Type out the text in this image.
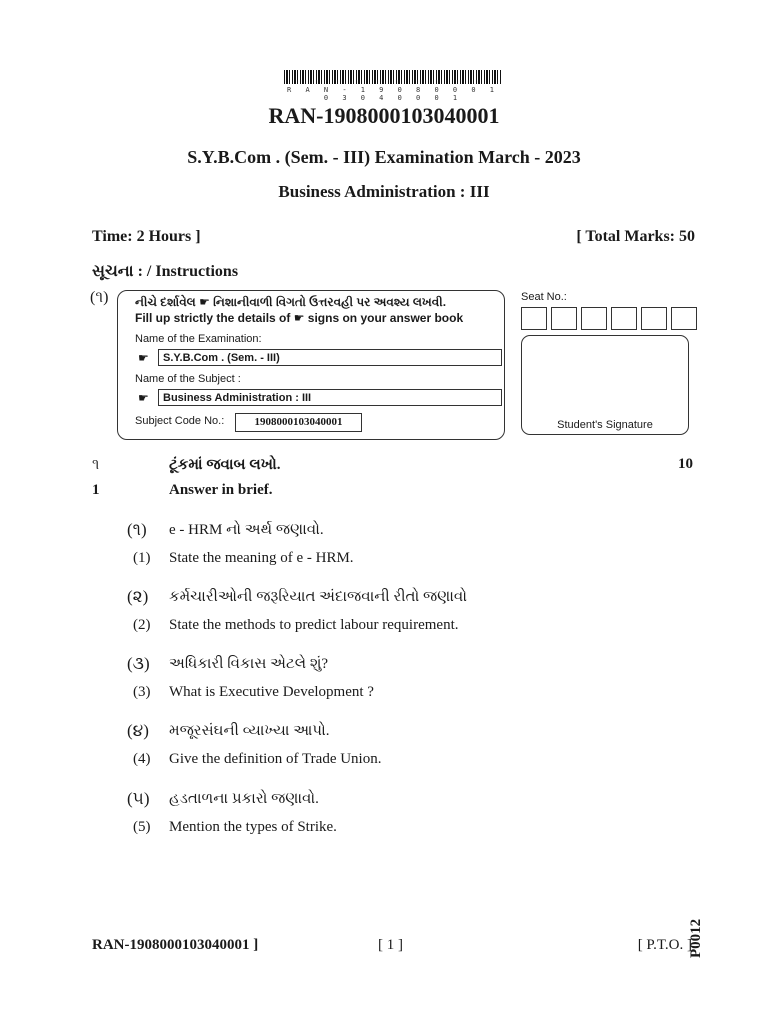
R A N - 1 9 0 8 0 0 0 1 0 3 0 4 0 0 0 1
RAN-1908000103040001
S.Y.B.Com . (Sem. - III) Examination March - 2023
Business Administration : III
Time: 2 Hours ]	[ Total Marks: 50
સૂચના : / Instructions
(૧) નીચે દર્શાવેલ ☛ નિશાનીવાળી વિગતો ઉત્તરવહી પર અવશ્ય લખવી.
Fill up strictly the details of ☛ signs on your answer book
Name of the Examination:
☛	S.Y.B.Com . (Sem. - III)
Name of the Subject :
☛	Business Administration : III
Subject Code No.:	1908000103040001
Seat No.:
Student's Signature
૧	ટૂંકમાં જવાબ લખો.	10
1	Answer in brief.
(૧) e - HRM નો અર્થ જણાવો.
(1) State the meaning of e - HRM.
(૨) કર્મચારીઓની જરૂરિયાત અંદાજવાની રીતો જણાવો
(2) State the methods to predict labour requirement.
(૩) અધિકારી વિકાસ એટલે શું?
(3) What is Executive Development ?
(૪) મજૂરસંઘની વ્યાખ્યા આપો.
(4) Give the definition of Trade Union.
(૫) હડતાળના પ્રકારો જણાવો.
(5) Mention the types of Strike.
RAN-1908000103040001 ]	[ 1 ]	[ P.T.O. ]
P0012
